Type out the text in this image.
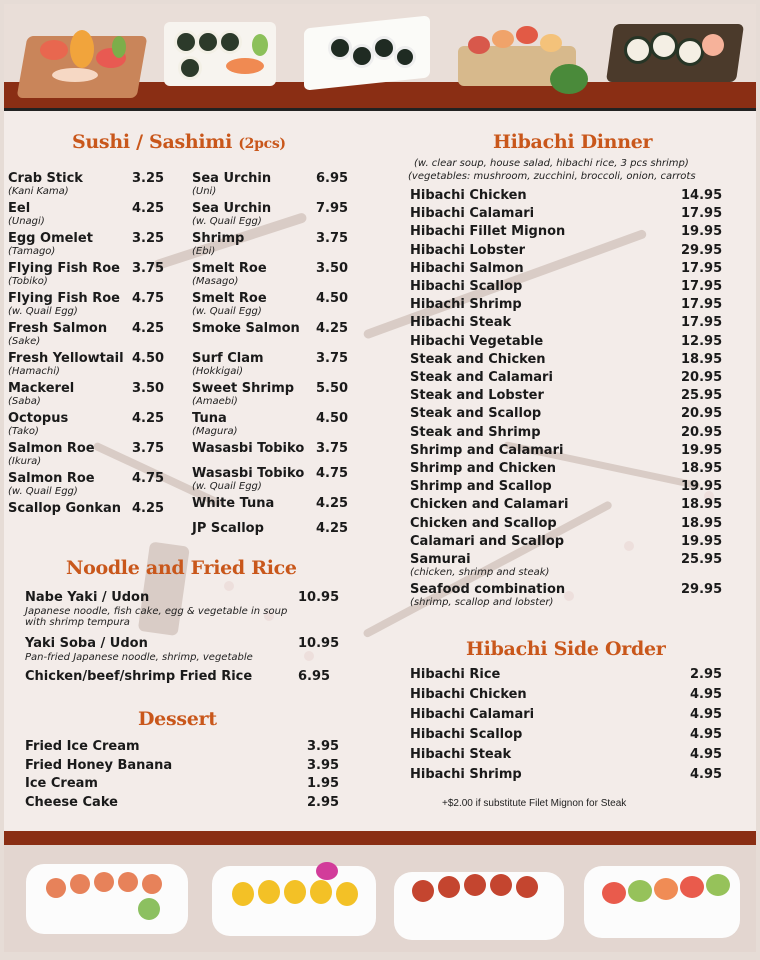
Sushi / Sashimi (2pcs)
Noodle and Fried Rice
Dessert
Hibachi Dinner
(w. clear soup, house salad, hibachi rice, 3 pcs shrimp)
(vegetables: mushroom, zucchini, broccoli, onion, carrots
Hibachi Side Order
+$2.00 if substitute Filet Mignon for Steak
Crab Stick	3.25
(Kani Kama)
Eel	4.25
(Unagi)
Egg Omelet	3.25
(Tamago)
Flying Fish Roe 3.75
(Tobiko)
Flying Fish Roe 4.75
(w. Quail Egg)
Fresh Salmon 4.25
(Sake)
Fresh Yellowtail 4.50
(Hamachi)
Mackerel	3.50
(Saba)
Octopus	4.25
(Tako)
Salmon Roe	3.75
(Ikura)
Salmon Roe	4.75
(w. Quail Egg)
Scallop Gonkan 4.25
Sea Urchin	6.95
(Uni)
Sea Urchin	7.95
(w. Quail Egg)
Shrimp	3.75
(Ebi)
Smelt Roe	3.50
(Masago)
Smelt Roe	4.50
(w. Quail Egg)
Smoke Salmon 4.25
Surf Clam	3.75
(Hokkigai)
Sweet Shrimp 5.50
(Amaebi)
Tuna	4.50
(Magura)
Wasasbi Tobiko 3.75
Wasasbi Tobiko 4.75
(w. Quail Egg)
White Tuna	4.25
JP Scallop	4.25
Nabe Yaki / Udon	10.95
Japanese noodle, fish cake, egg & vegetable in soup
with shrimp tempura
Yaki Soba / Udon	10.95
Pan-fried Japanese noodle, shrimp, vegetable
Chicken/beef/shrimp Fried Rice	6.95
Fried Ice Cream	3.95
Fried Honey Banana	3.95
Ice Cream	1.95
Cheese Cake	2.95
Hibachi Chicken	14.95
Hibachi Calamari	17.95
Hibachi Fillet Mignon	19.95
Hibachi Lobster	29.95
Hibachi Salmon	17.95
Hibachi Scallop	17.95
Hibachi Shrimp	17.95
Hibachi Steak	17.95
Hibachi Vegetable	12.95
Steak and Chicken	18.95
Steak and Calamari	20.95
Steak and Lobster	25.95
Steak and Scallop	20.95
Steak and Shrimp	20.95
Shrimp and Calamari	19.95
Shrimp and Chicken	18.95
Shrimp and Scallop	19.95
Chicken and Calamari	18.95
Chicken and Scallop	18.95
Calamari and Scallop	19.95
Samurai	25.95
(chicken, shrimp and steak)
Seafood combination	29.95
(shrimp, scallop and lobster)
Hibachi Rice	2.95
Hibachi Chicken	4.95
Hibachi Calamari	4.95
Hibachi Scallop	4.95
Hibachi Steak	4.95
Hibachi Shrimp	4.95
